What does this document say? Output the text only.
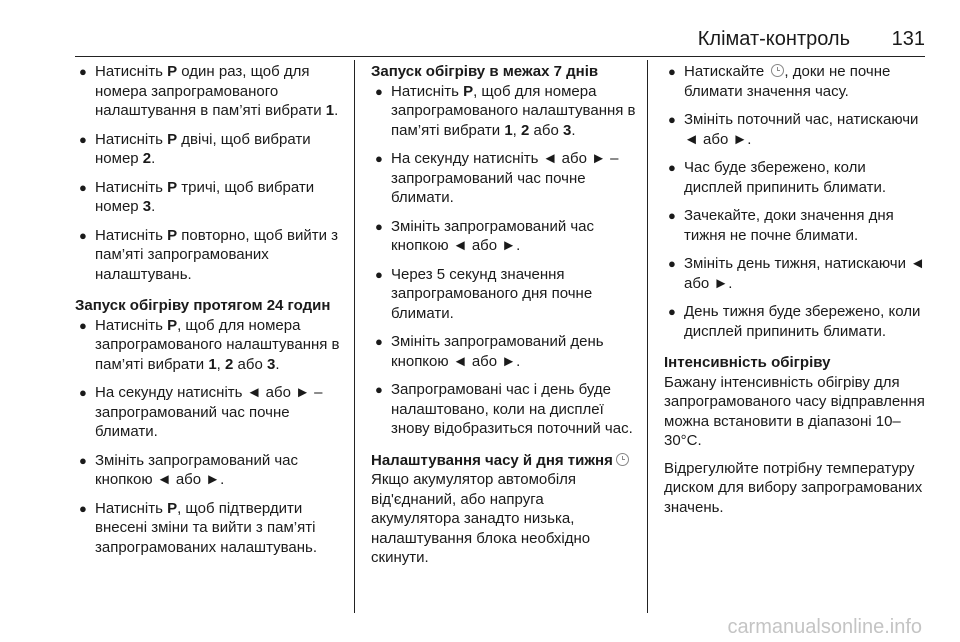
Клімат-контроль 131
● Натисніть P один раз, щоб для номера запрограмованого налаштування в пам’яті вибрати 1.
● Натисніть P двічі, щоб вибрати номер 2.
● Натисніть P тричі, щоб вибрати номер 3.
● Натисніть P повторно, щоб вийти з пам’яті запрограмованих налаштувань.
Запуск обігріву протягом 24 годин
● Натисніть P, щоб для номера запрограмованого налаштування в пам’яті вибрати 1, 2 або 3.
● На секунду натисніть ◄ або ► – запрограмований час почне блимати.
● Змініть запрограмований час кнопкою ◄ або ►.
● Натисніть P, щоб підтвердити внесені зміни та вийти з пам’яті запрограмованих налаштувань.
Запуск обігріву в межах 7 днів
● Натисніть P, щоб для номера запрограмованого налаштування в пам’яті вибрати 1, 2 або 3.
● На секунду натисніть ◄ або ► – запрограмований час почне блимати.
● Змініть запрограмований час кнопкою ◄ або ►.
● Через 5 секунд значення запрограмованого дня почне блимати.
● Змініть запрограмований день кнопкою ◄ або ►.
● Запрограмовані час і день буде налаштовано, коли на дисплеї знову відобразиться поточний час.
Налаштування часу й дня тижня

Якщо акумулятор автомобіля від'єднаний, або напруга акумулятора занадто низька, налаштування блока необхідно скинути.

● Натискайте , доки не почне блимати значення часу.
● Змініть поточний час, натискаючи ◄ або ►.
● Час буде збережено, коли дисплей припинить блимати.
● Зачекайте, доки значення дня тижня не почне блимати.
● Змініть день тижня, натискаючи ◄ або ►.
● День тижня буде збережено, коли дисплей припинить блимати.
Інтенсивність обігріву

Бажану інтенсивність обігріву для запрограмованого часу відправлення можна встановити в діапазоні 10–30°C.

Відрегулюйте потрібну температуру диском для вибору запрограмованих значень.

carmanualsonline.info
